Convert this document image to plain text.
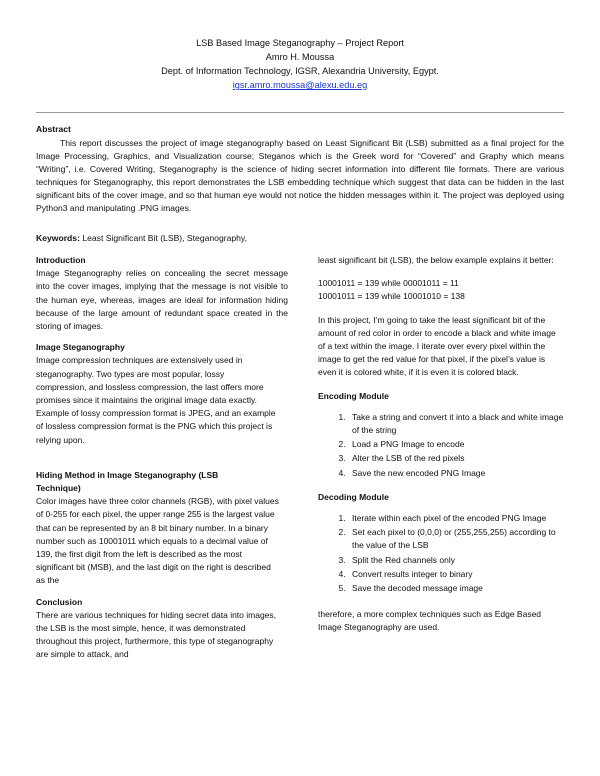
LSB Based Image Steganography – Project Report
Amro H. Moussa
Dept. of Information Technology, IGSR, Alexandria University, Egypt.
igsr.amro.moussa@alexu.edu.eg
Abstract
This report discusses the project of image steganography based on Least Significant Bit (LSB) submitted as a final project for the Image Processing, Graphics, and Visualization course; Steganos which is the Greek word for “Covered” and Graphy which means “Writing”, i.e. Covered Writing, Steganography is the science of hiding secret information into different file formats. There are various techniques for Steganography, this report demonstrates the LSB embedding technique which suggest that data can be hidden in the last significant bits of the cover image, and so that human eye would not notice the hidden messages within it. The project was deployed using Python3 and manipulating .PNG images.
Keywords: Least Significant Bit (LSB), Steganography,

Introduction

Image Steganography relies on concealing the secret message into the cover images, implying that the message is not visible to the human eye, whereas, images are ideal for information hiding because of the large amount of redundant space created in the storing of images.

Image Steganography

Image compression techniques are extensively used in steganography. Two types are most popular, lossy compression, and lossless compression, the last offers more promises since it maintains the original image data exactly. Example of lossy compression format is JPEG, and an example of lossless compression format is the PNG which this project is relying upon.

Hiding Method in Image Steganography (LSB Technique)

Color images have three color channels (RGB), with pixel values of 0-255 for each pixel, the upper range 255 is the largest value that can be represented by an 8 bit binary number. In a binary number such as 10001011 which equals to a decimal value of 139, the first digit from the left is described as the most significant bit (MSB), and the last digit on the right is described as the

Conclusion

There are various techniques for hiding secret data into images, the LSB is the most simple, hence, it was demonstrated throughout this project, furthermore, this type of steganography are simple to attack, and

least significant bit (LSB), the below example explains it better:

10001011 = 139 while 00001011 = 11

10001011 = 139 while 10001010 = 138

In this project, I’m going to take the least significant bit of the amount of red color in order to encode a black and white image of a text within the image. I iterate over every pixel within the image to get the red value for that pixel, if the pixel’s value is even it is colored white, if it is even it is colored black.

Encoding Module

1. Take a string and convert it into a black and white image of the string
2. Load a PNG Image to encode
3. Alter the LSB of the red pixels
4. Save the new encoded PNG Image

Decoding Module

1. Iterate within each pixel of the encoded PNG Image
2. Set each pixel to (0,0,0) or (255,255,255) according to the value of the LSB
3. Split the Red channels only
4. Convert results integer to binary
5. Save the decoded message image

therefore, a more complex techniques such as Edge Based Image Steganography are used.
